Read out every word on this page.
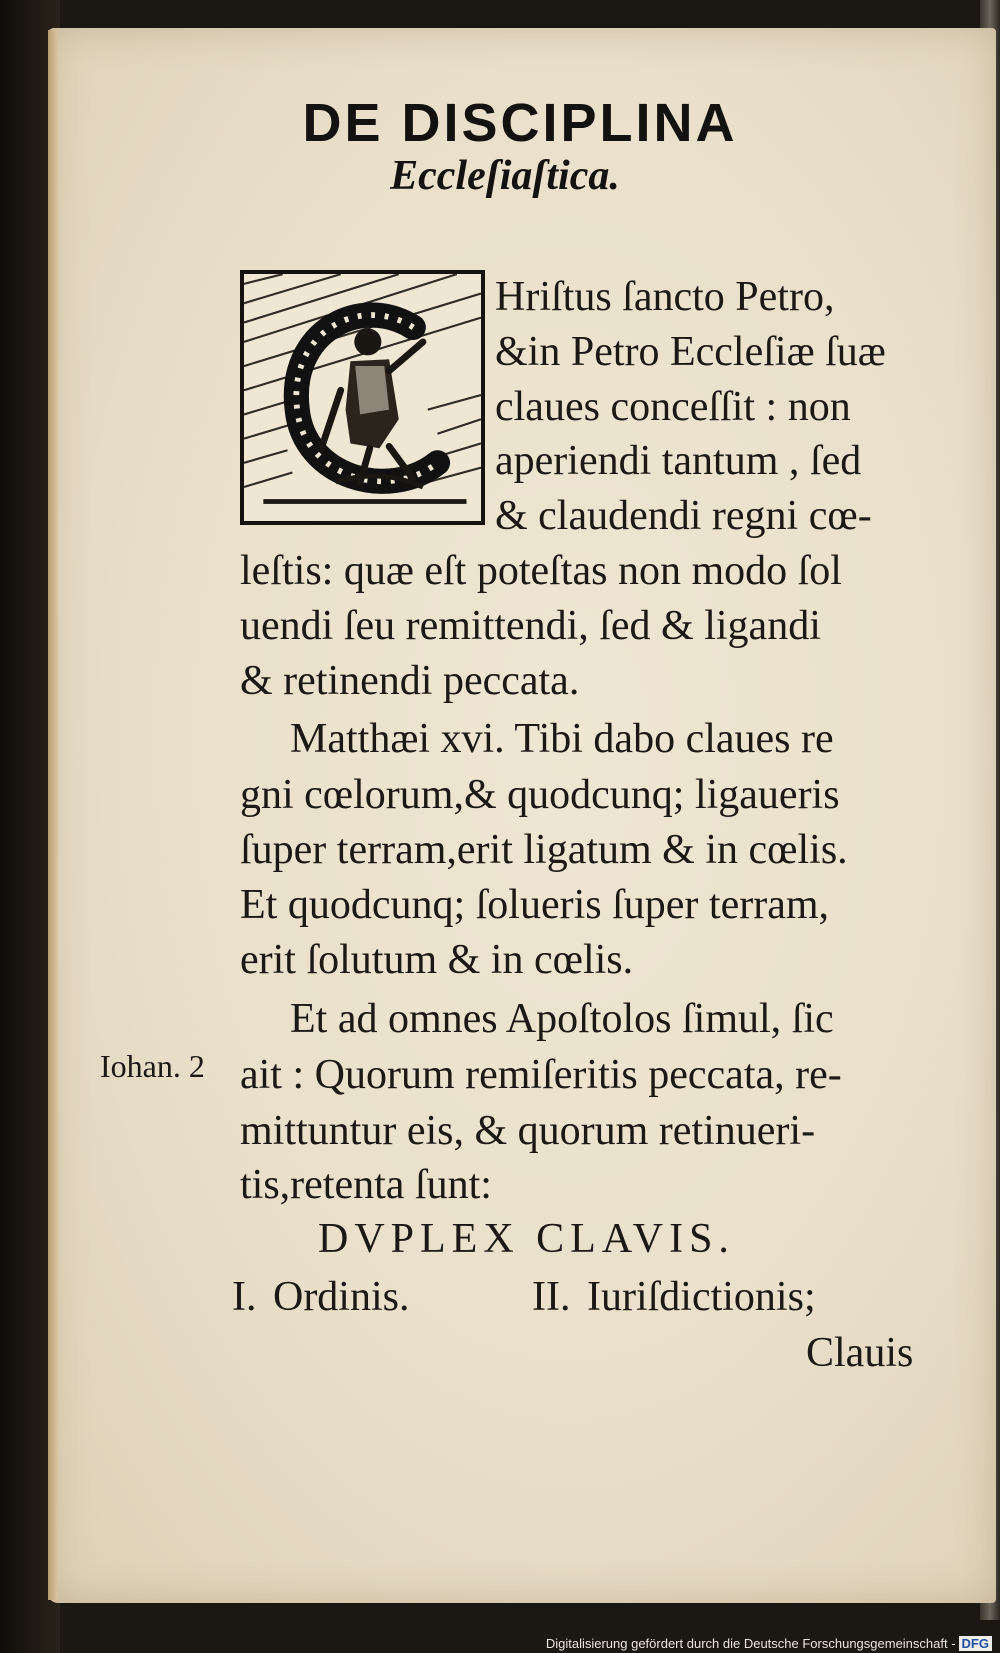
DE DISCIPLINA
Eccleſiaſtica.
Hriſtus ſancto Petro,
&in Petro Eccleſiæ ſuæ
claues conceſſit : non
aperiendi tantum , ſed
& claudendi regni cœ-
leſtis: quæ eſt poteſtas non modo ſol
uendi ſeu remittendi, ſed & ligandi
& retinendi peccata.
Matthæi xvi. Tibi dabo claues re
gni cœlorum,& quodcunq; ligaueris
ſuper terram,erit ligatum & in cœlis.
Et quodcunq; ſolueris ſuper terram,
erit ſolutum & in cœlis.
Et ad omnes Apoſtolos ſimul, ſic
ait : Quorum remiſeritis peccata, re-
mittuntur eis, & quorum retinueri-
tis,retenta ſunt:
Iohan. 2
DVPLEX CLAVIS.
I. Ordinis.	II. Iuriſdictionis;
Clauis
Digitalisierung gefördert durch die Deutsche Forschungsgemeinschaft - DFG
